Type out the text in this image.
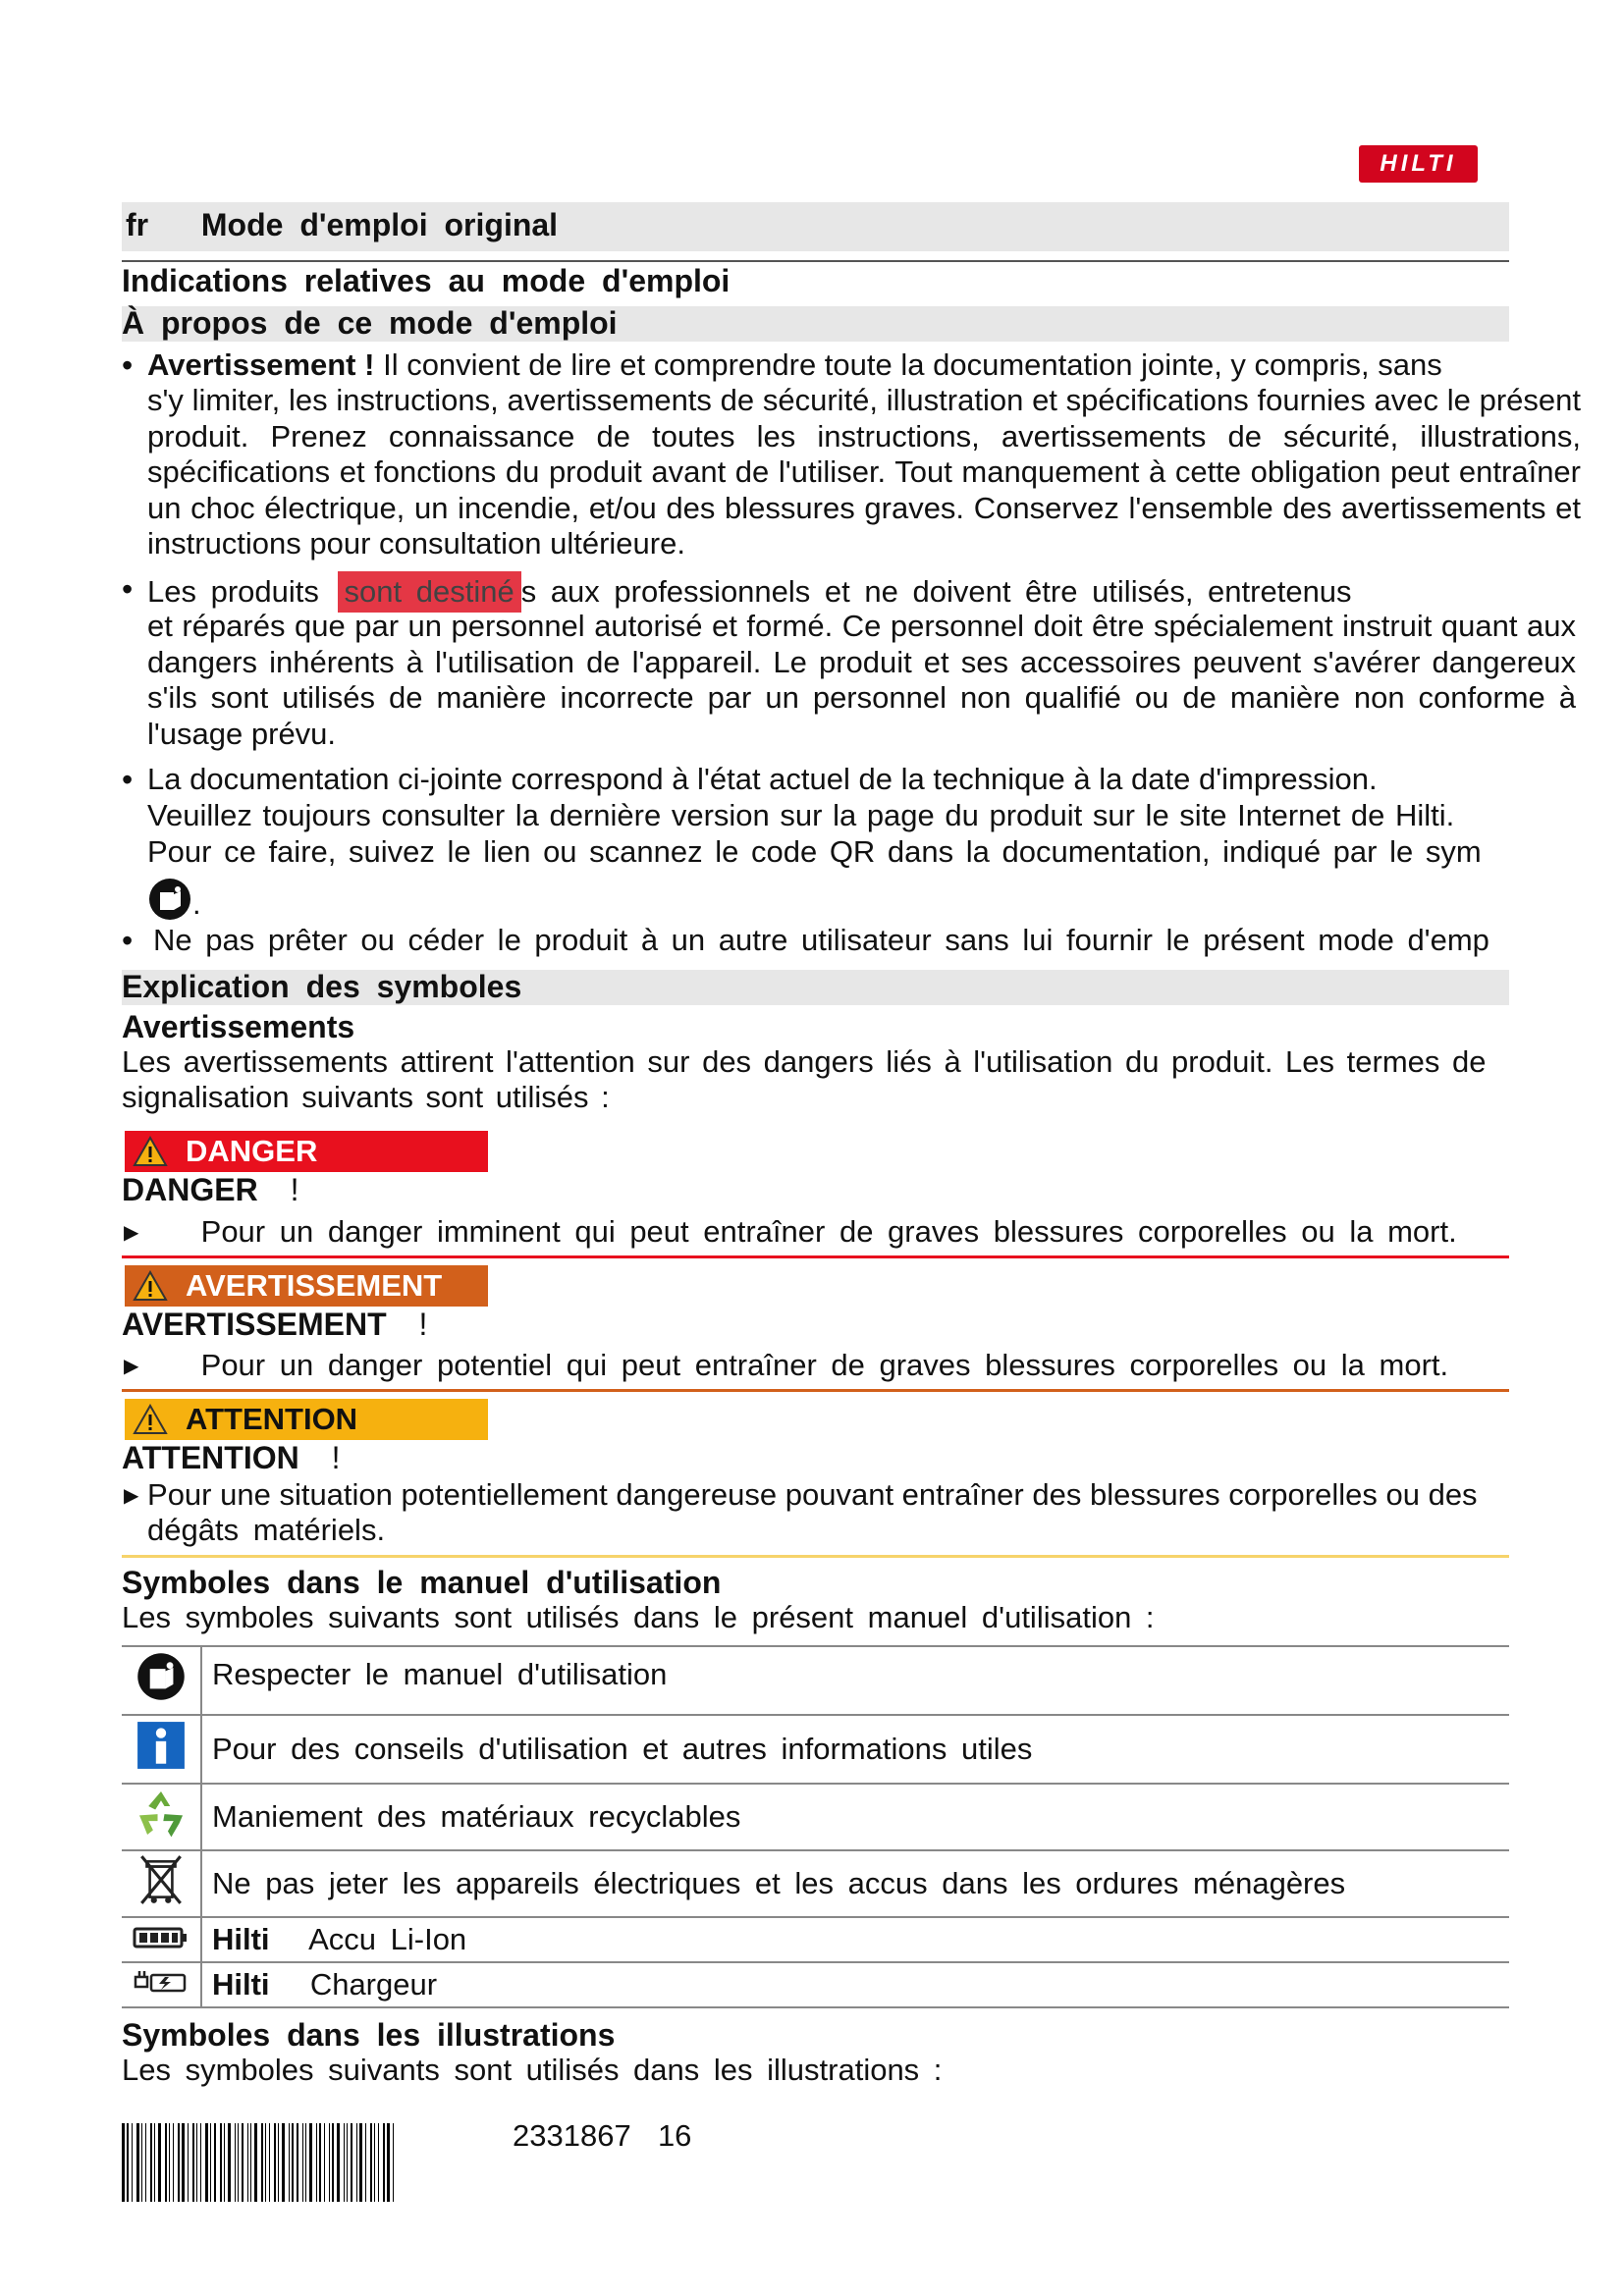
HILTI
fr Mode d'emploi original
Indications relatives au mode d'emploi
À propos de ce mode d'emploi
• Avertissement ! Il convient de lire et comprendre toute la documentation jointe, y compris, sans
s'y limiter, les instructions, avertissements de sécurité, illustration et spécifications fournies avec le présent produit. Prenez connaissance de toutes les instructions, avertissements de sécurité, illustrations, spécifications et fonctions du produit avant de l'utiliser. Tout manquement à cette obligation peut entraîner un choc électrique, un incendie, et/ou des blessures graves. Conservez l'ensemble des avertissements et instructions pour consultation ultérieure.
• Les produits sont destiné s aux professionnels et ne doivent être utilisés, entretenus
et réparés que par un personnel autorisé et formé. Ce personnel doit être spécialement instruit quant aux dangers inhérents à l'utilisation de l'appareil. Le produit et ses accessoires peuvent s'avérer dangereux s'ils sont utilisés de manière incorrecte par un personnel non qualifié ou de manière non conforme à l'usage prévu.
• La documentation ci-jointe correspond à l'état actuel de la technique à la date d'impression.
Veuillez toujours consulter la dernière version sur la page du produit sur le site Internet de Hilti.
Pour ce faire, suivez le lien ou scannez le code QR dans la documentation, indiqué par le sym
.
• Ne pas prêter ou céder le produit à un autre utilisateur sans lui fournir le présent mode d'emp
Explication des symboles
Avertissements
Les avertissements attirent l'attention sur des dangers liés à l'utilisation du produit. Les termes de
signalisation suivants sont utilisés :
DANGER
DANGER !
▶ Pour un danger imminent qui peut entraîner de graves blessures corporelles ou la mort.
AVERTISSEMENT
AVERTISSEMENT !
▶ Pour un danger potentiel qui peut entraîner de graves blessures corporelles ou la mort.
ATTENTION
ATTENTION !
▶ Pour une situation potentiellement dangereuse pouvant entraîner des blessures corporelles ou des
dégâts matériels.
Symboles dans le manuel d'utilisation
Les symboles suivants sont utilisés dans le présent manuel d'utilisation :
	Respecter le manuel d'utilisation
	Pour des conseils d'utilisation et autres informations utiles
	Maniement des matériaux recyclables
	Ne pas jeter les appareils électriques et les accus dans les ordures ménagères
	Hilti Accu Li-Ion
	Hilti Chargeur
Symboles dans les illustrations
Les symboles suivants sont utilisés dans les illustrations :
2331867 16
